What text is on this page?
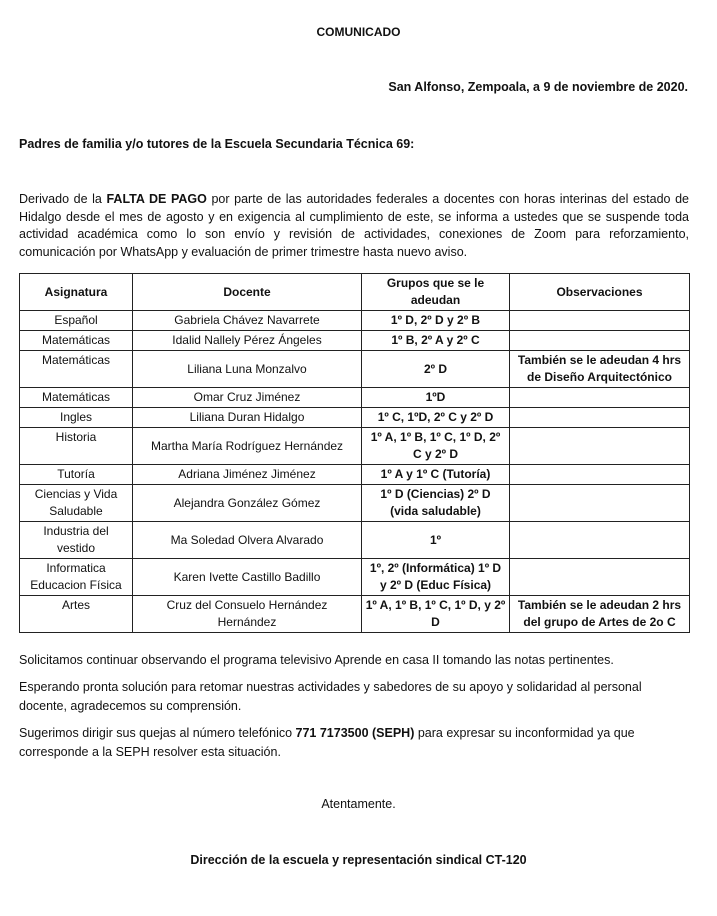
COMUNICADO
San Alfonso, Zempoala, a 9 de noviembre de 2020.
Padres de familia y/o tutores de la Escuela Secundaria Técnica 69:
Derivado de la FALTA DE PAGO por parte de las autoridades federales a docentes con horas interinas del estado de Hidalgo desde el mes de agosto y en exigencia al cumplimiento de este, se informa a ustedes que se suspende toda actividad académica como lo son envío y revisión de actividades, conexiones de Zoom para reforzamiento, comunicación por WhatsApp y evaluación de primer trimestre hasta nuevo aviso.
Asignatura	Docente	Grupos que se le adeudan	Observaciones
Español	Gabriela Chávez Navarrete	1º D, 2º D y 2º B	
Matemáticas	Idalid Nallely Pérez Ángeles	1º B, 2º A y 2º C	
Matemáticas	Liliana Luna Monzalvo	2º D	También se le adeudan 4 hrs de Diseño Arquitectónico
Matemáticas	Omar Cruz Jiménez	1ºD	
Ingles	Liliana Duran Hidalgo	1º C, 1ºD, 2º C y 2º D	
Historia	Martha María Rodríguez Hernández	1º A, 1º B, 1º C, 1º D, 2º C y 2º D	
Tutoría	Adriana Jiménez Jiménez	1º A y 1º C (Tutoría)	
Ciencias y Vida Saludable	Alejandra González Gómez	1º D (Ciencias) 2º D (vida saludable)	
Industria del vestido	Ma Soledad Olvera Alvarado	1º	
Informatica Educacion Física	Karen Ivette Castillo Badillo	1º, 2º (Informática) 1º D y 2º D (Educ Física)	
Artes	Cruz del Consuelo Hernández Hernández	1º A, 1º B, 1º C, 1º D, y 2º D	También se le adeudan 2 hrs del grupo de Artes de 2o C
Solicitamos continuar observando el programa televisivo Aprende en casa II tomando las notas pertinentes.
Esperando pronta solución para retomar nuestras actividades y sabedores de su apoyo y solidaridad al personal docente, agradecemos su comprensión.
Sugerimos dirigir sus quejas al número telefónico 771 7173500 (SEPH) para expresar su inconformidad ya que corresponde a la SEPH resolver esta situación.
Atentamente.
Dirección de la escuela y representación sindical CT-120
